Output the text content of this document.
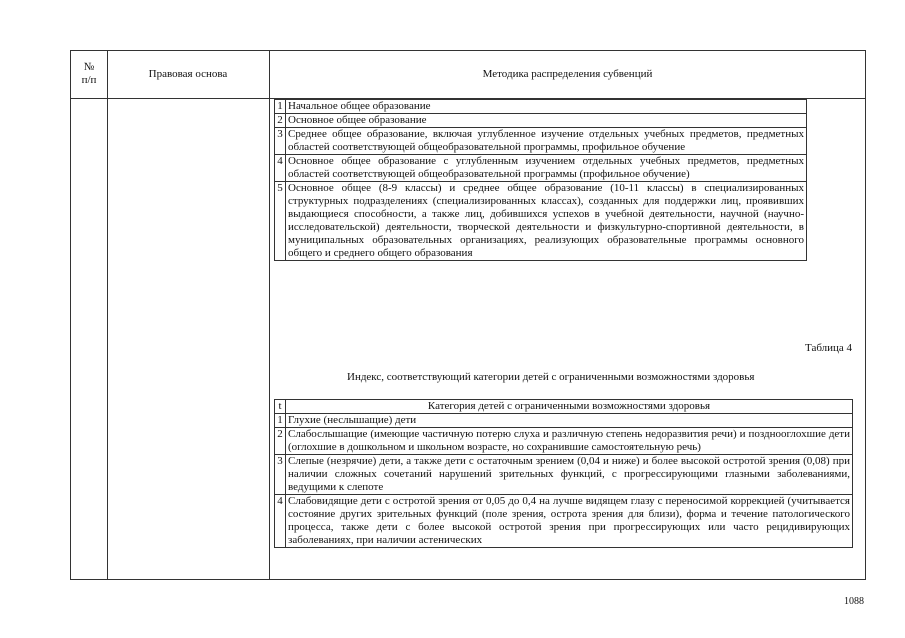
№
п/п	Правовая основа	Методика распределения субвенций
1	Начальное общее образование
2	Основное общее образование
3	Среднее общее образование, включая углубленное изучение отдельных учебных предметов, предметных областей соответствующей общеобразовательной программы, профильное обучение
4	Основное общее образование с углубленным изучением отдельных учебных предметов, предметных областей соответствующей общеобразовательной программы (профильное обучение)
5	Основное общее (8-9 классы) и среднее общее образование (10-11 классы) в специализированных структурных подразделениях (специализированных классах), созданных для поддержки лиц, проявивших выдающиеся способности, а также лиц, добившихся успехов в учебной деятельности, научной (научно-исследовательской) деятельности, творческой деятельности и физкультурно-спортивной деятельности, в муниципальных образовательных организациях, реализующих образовательные программы основного общего и среднего общего образования
Таблица 4
Индекс, соответствующий категории детей с ограниченными возможностями здоровья
t	Категория детей с ограниченными возможностями здоровья
1	Глухие (неслышащие) дети
2	Слабослышащие (имеющие частичную потерю слуха и различную степень недоразвития речи) и позднооглохшие дети (оглохшие в дошкольном и школьном возрасте, но сохранившие самостоятельную речь)
3	Слепые (незрячие) дети, а также дети с остаточным зрением (0,04 и ниже) и более высокой остротой зрения (0,08) при наличии сложных сочетаний нарушений зрительных функций, с прогрессирующими глазными заболеваниями, ведущими к слепоте
4	Слабовидящие дети с остротой зрения от 0,05 до 0,4 на лучше видящем глазу с переносимой коррекцией (учитывается состояние других зрительных функций (поле зрения, острота зрения для близи), форма и течение патологического процесса, также дети с более высокой остротой зрения при прогрессирующих или часто рецидивирующих заболеваниях, при наличии астенических
1088
